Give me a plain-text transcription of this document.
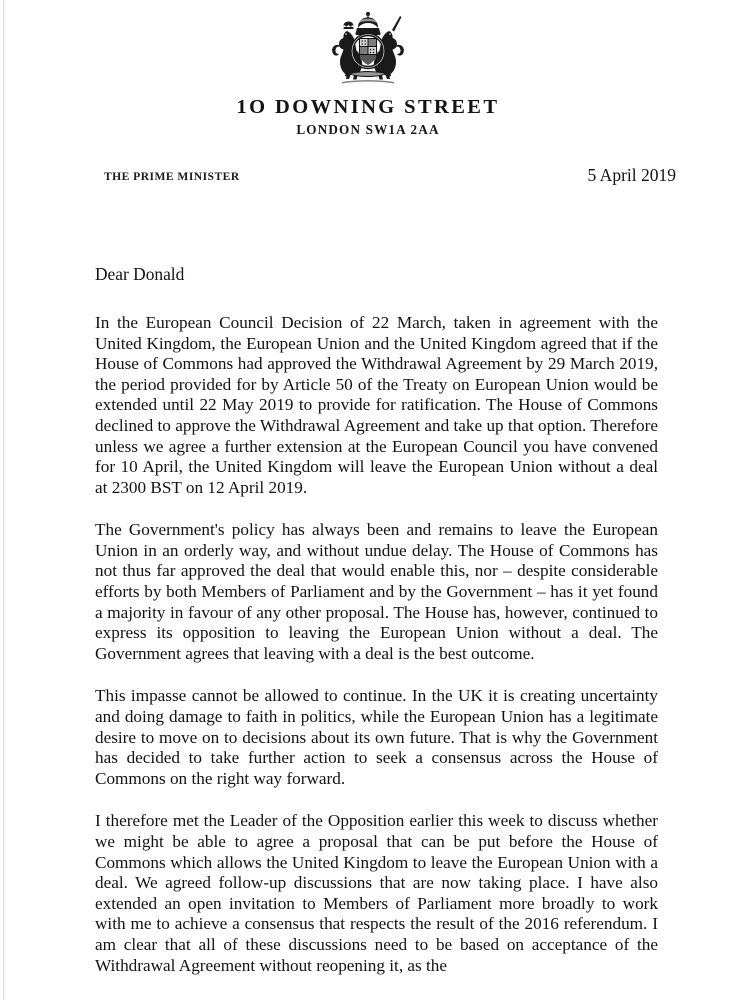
1O DOWNING STREET
LONDON SW1A 2AA
THE PRIME MINISTER	5 April 2019
Dear Donald

In the European Council Decision of 22 March, taken in agreement with the United Kingdom, the European Union and the United Kingdom agreed that if the House of Commons had approved the Withdrawal Agreement by 29 March 2019, the period provided for by Article 50 of the Treaty on European Union would be extended until 22 May 2019 to provide for ratification. The House of Commons declined to approve the Withdrawal Agreement and take up that option. Therefore unless we agree a further extension at the European Council you have convened for 10 April, the United Kingdom will leave the European Union without a deal at 2300 BST on 12 April 2019.

The Government's policy has always been and remains to leave the European Union in an orderly way, and without undue delay. The House of Commons has not thus far approved the deal that would enable this, nor – despite considerable efforts by both Members of Parliament and by the Government – has it yet found a majority in favour of any other proposal. The House has, however, continued to express its opposition to leaving the European Union without a deal. The Government agrees that leaving with a deal is the best outcome.

This impasse cannot be allowed to continue. In the UK it is creating uncertainty and doing damage to faith in politics, while the European Union has a legitimate desire to move on to decisions about its own future. That is why the Government has decided to take further action to seek a consensus across the House of Commons on the right way forward.

I therefore met the Leader of the Opposition earlier this week to discuss whether we might be able to agree a proposal that can be put before the House of Commons which allows the United Kingdom to leave the European Union with a deal. We agreed follow-up discussions that are now taking place. I have also extended an open invitation to Members of Parliament more broadly to work with me to achieve a consensus that respects the result of the 2016 referendum. I am clear that all of these discussions need to be based on acceptance of the Withdrawal Agreement without reopening it, as the
